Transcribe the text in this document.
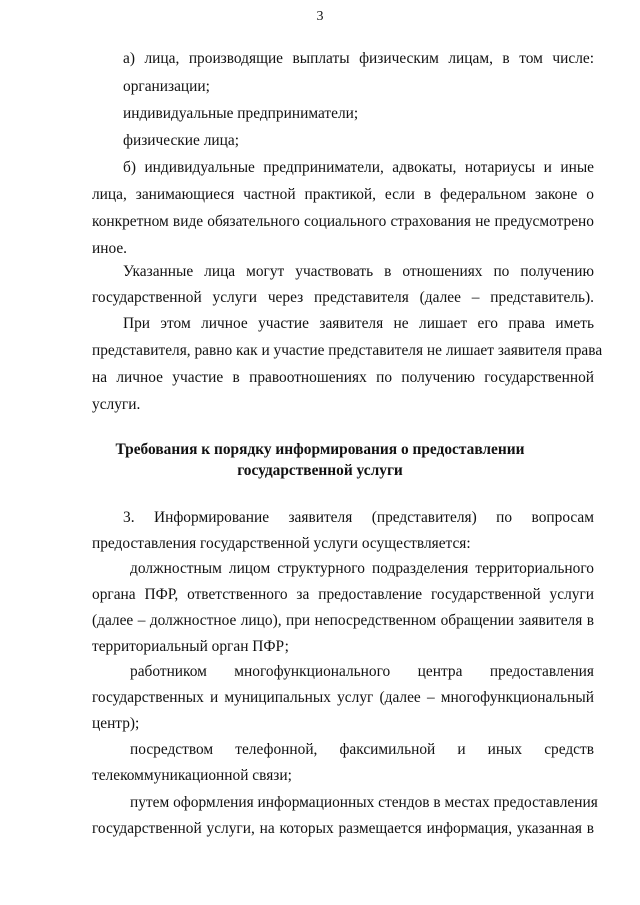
3
а) лица, производящие выплаты физическим лицам, в том числе:
организации;
индивидуальные предприниматели;
физические лица;
б) индивидуальные предприниматели, адвокаты, нотариусы и иные
лица, занимающиеся частной практикой, если в федеральном законе о
конкретном виде обязательного социального страхования не предусмотрено
иное.
Указанные лица могут участвовать в отношениях по получению
государственной услуги через представителя (далее – представитель).
При этом личное участие заявителя не лишает его права иметь
представителя, равно как и участие представителя не лишает заявителя права
на личное участие в правоотношениях по получению государственной
услуги.
Требования к порядку информирования о предоставлении
государственной услуги
3. Информирование заявителя (представителя) по вопросам
предоставления государственной услуги осуществляется:
должностным лицом структурного подразделения территориального
органа ПФР, ответственного за предоставление государственной услуги
(далее – должностное лицо), при непосредственном обращении заявителя в
территориальный орган ПФР;
работником многофункционального центра предоставления
государственных и муниципальных услуг (далее – многофункциональный
центр);
посредством телефонной, факсимильной и иных средств
телекоммуникационной связи;
путем оформления информационных стендов в местах предоставления
государственной услуги, на которых размещается информация, указанная в
